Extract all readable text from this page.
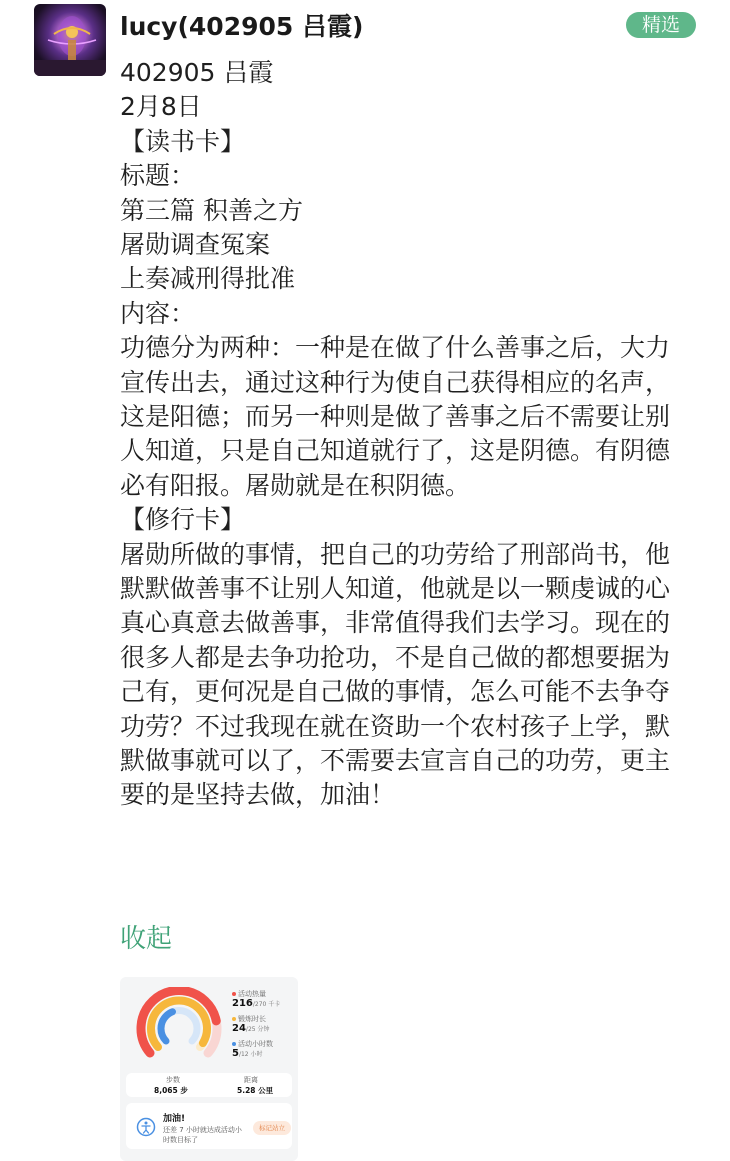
lucy(402905 吕霞)	精选
402905 吕霞
2月8日
【读书卡】
标题：
第三篇 积善之方
屠勋调查冤案
上奏减刑得批准
内容：
功德分为两种：一种是在做了什么善事之后，大力宣传出去，通过这种行为使自己获得相应的名声，这是阳德；而另一种则是做了善事之后不需要让别人知道，只是自己知道就行了，这是阴德。有阴德必有阳报。屠勋就是在积阴德。
【修行卡】
屠勋所做的事情，把自己的功劳给了刑部尚书，他默默做善事不让别人知道，他就是以一颗虔诚的心真心真意去做善事，非常值得我们去学习。现在的很多人都是去争功抢功，不是自己做的都想要据为己有，更何况是自己做的事情，怎么可能不去争夺功劳？不过我现在就在资助一个农村孩子上学，默默做事就可以了，不需要去宣言自己的功劳，更主要的是坚持去做，加油！
收起
活动热量
216/270 千卡
锻炼时长
24/25 分钟
活动小时数
5/12 小时
步数
8,065 步
距离
5.28 公里
加油!
还差 7 小时就达成活动小时数目标了
标记站立
